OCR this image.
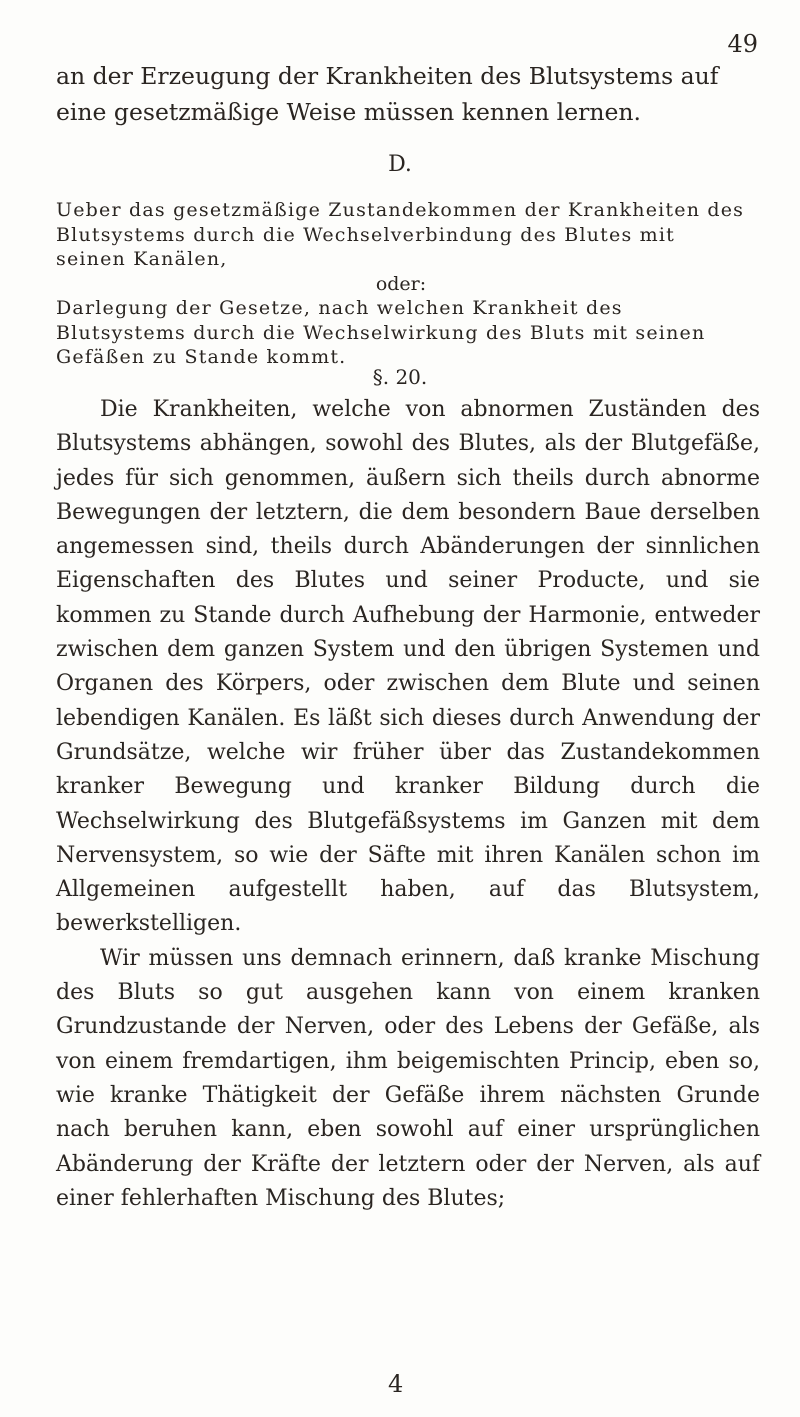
49

an der Erzeugung der Krankheiten des Blutsystems auf eine gesetzmäßige Weise müssen kennen lernen.

D.

Ueber das gesetzmäßige Zustandekommen der Krankheiten des Blutsystems durch die Wechselverbindung des Blutes mit seinen Kanälen,
oder:
Darlegung der Gesetze, nach welchen Krankheit des Blutsystems durch die Wechselwirkung des Bluts mit seinen Gefäßen zu Stande kommt.

§. 20.

Die Krankheiten, welche von abnormen Zuständen des Blutsystems abhängen, sowohl des Blutes, als der Blutgefäße, jedes für sich genommen, äußern sich theils durch abnorme Bewegungen der letztern, die dem besondern Baue derselben angemessen sind, theils durch Abänderungen der sinnlichen Eigenschaften des Blutes und seiner Producte, und sie kommen zu Stande durch Aufhebung der Harmonie, entweder zwischen dem ganzen System und den übrigen Systemen und Organen des Körpers, oder zwischen dem Blute und seinen lebendigen Kanälen. Es läßt sich dieses durch Anwendung der Grundsätze, welche wir früher über das Zustandekommen kranker Bewegung und kranker Bildung durch die Wechselwirkung des Blutgefäßsystems im Ganzen mit dem Nervensystem, so wie der Säfte mit ihren Kanälen schon im Allgemeinen aufgestellt haben, auf das Blutsystem, bewerkstelligen.

Wir müssen uns demnach erinnern, daß kranke Mischung des Bluts so gut ausgehen kann von einem kranken Grundzustande der Nerven, oder des Lebens der Gefäße, als von einem fremdartigen, ihm beigemischten Princip, eben so, wie kranke Thätigkeit der Gefäße ihrem nächsten Grunde nach beruhen kann, eben sowohl auf einer ursprünglichen Abänderung der Kräfte der letztern oder der Nerven, als auf einer fehlerhaften Mischung des Blutes;

4
